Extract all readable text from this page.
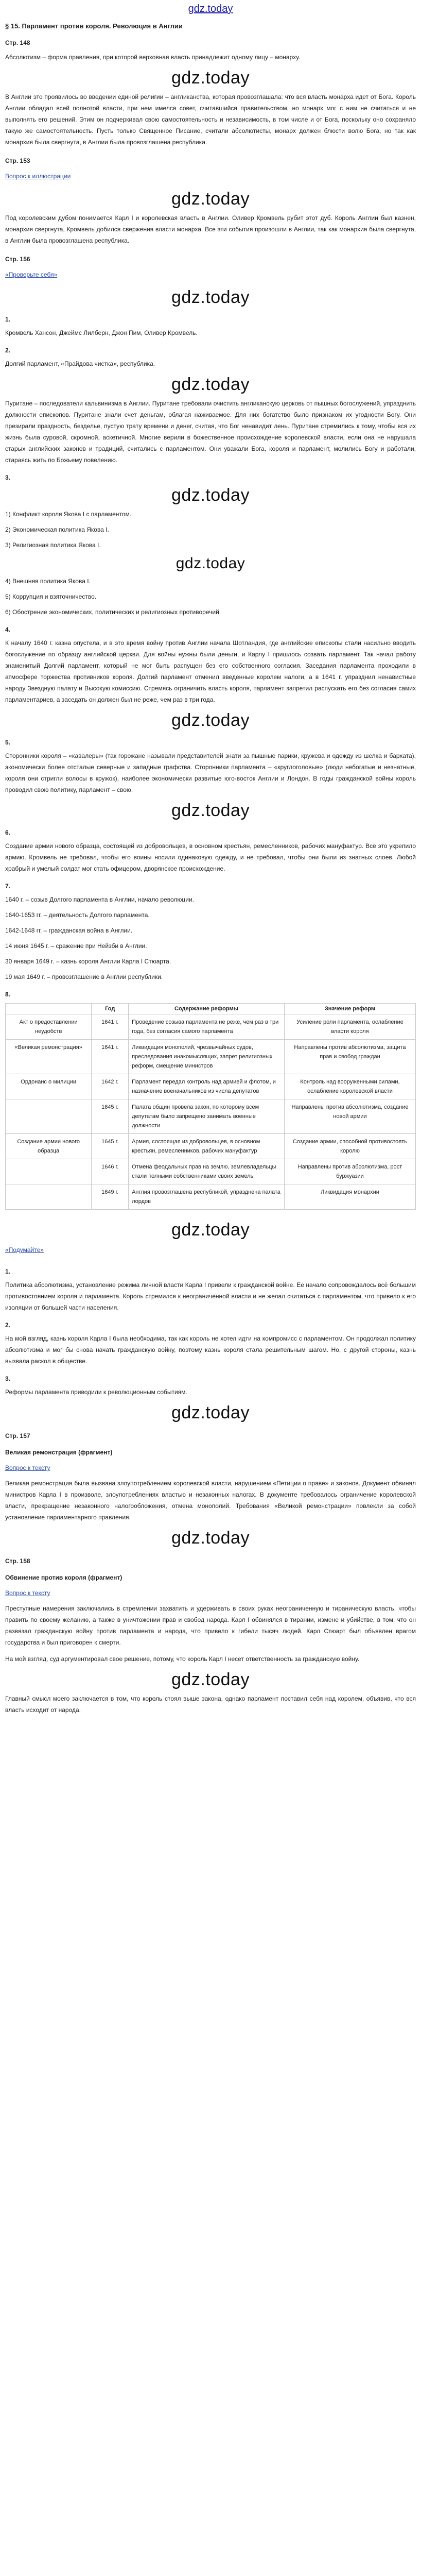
gdz.today
§ 15. Парламент против короля. Революция в Англии
Стр. 148

Абсолютизм – форма правления, при которой верховная власть принадлежит одному лицу – монарху.

gdz.today

В Англии это проявилось во введении единой религии – англиканства, которая провозглашала: что вся власть монарха идет от Бога. Король Англии обладал всей полнотой власти, при нем имелся совет, считавшийся правительством, но монарх мог с ним не считаться и не выполнять его решений. Этим он подчеркивал свою самостоятельность и независимость, в том числе и от Бога, поскольку оно сохраняло такую же самостоятельность. Пусть только Священное Писание, считали абсолютисты, монарх должен блюсти волю Бога, но так как монархия была свергнута, в Англии была провозглашена республика.

Стр. 153
Вопрос к иллюстрации
gdz.today

Под королевским дубом понимается Карл I и королевская власть в Англии. Оливер Кромвель рубит этот дуб. Король Англии был казнен, монархия свергнута, Кромвель добился свержения власти монарха. Все эти события произошли в Англии, так как монархия была свергнута, в Англии была провозглашена республика.

Стр. 156
«Проверьте себя»
gdz.today
1.

Кромвель Хансон, Джеймс Лилберн, Джон Пим, Оливер Кромвель.

2.

Долгий парламент, «Прайдова чистка», республика.

gdz.today

Пуритане – последователи кальвинизма в Англии. Пуритане требовали очистить англиканскую церковь от пышных богослужений, упразднить должности епископов. Пуритане знали счет деньгам, облагая наживаемое. Для них богатство было признаком их угодности Богу. Они презирали праздность, безделье, пустую трату времени и денег, считая, что Бог ненавидит лень. Пуритане стремились к тому, чтобы вся их жизнь была суровой, скромной, аскетичной. Многие верили в божественное происхождение королевской власти, если она не нарушала старых английских законов и традиций, считались с парламентом. Они уважали Бога, короля и парламент, молились Богу и работали, стараясь жить по Божьему повелению.

3.
gdz.today
1) Конфликт короля Якова I с парламентом.
2) Экономическая политика Якова I.
3) Религиозная политика Якова I.
gdz.today
4) Внешняя политика Якова I.
5) Коррупция и взяточничество.
6) Обострение экономических, политических и религиозных противоречий.
4.

К началу 1640 г. казна опустела, и в это время войну против Англии начала Шотландия, где английские епископы стали насильно вводить богослужение по образцу английской церкви. Для войны нужны были деньги, и Карлу I пришлось созвать парламент. Так начал работу знаменитый Долгий парламент, который не мог быть распущен без его собственного согласия. Заседания парламента проходили в атмосфере торжества противников короля. Долгий парламент отменил введенные королем налоги, а в 1641 г. упразднил ненавистные народу Звездную палату и Высокую комиссию. Стремясь ограничить власть короля, парламент запретил распускать его без согласия самих парламентариев, а заседать он должен был не реже, чем раз в три года.

gdz.today
5.

Сторонники короля – «кавалеры» (так горожане называли представителей знати за пышные парики, кружева и одежду из шелка и бархата), экономически более отсталые северные и западные графства. Сторонники парламента – «круглоголовые» (люди небогатые и незнатные, короля они стригли волосы в кружок), наиболее экономически развитые юго-восток Англии и Лондон. В годы гражданской войны король проводил свою политику, парламент – свою.

gdz.today
6.

Создание армии нового образца, состоящей из добровольцев, в основном крестьян, ремесленников, рабочих мануфактур. Всё это укрепило армию. Кромвель не требовал, чтобы его воины носили одинаковую одежду, и не требовал, чтобы они были из знатных слоев. Любой храбрый и умелый солдат мог стать офицером, дворянское происхождение.

7.
1640 г. – созыв Долгого парламента в Англии, начало революции.
1640-1653 гг. – деятельность Долгого парламента.
1642-1648 гг. – гражданская война в Англии.
14 июня 1645 г. – сражение при Нейзби в Англии.
30 января 1649 г. – казнь короля Англии Карла I Стюарта.
19 мая 1649 г. – провозглашение в Англии республики.
8.
	Год	Содержание реформы	Значение реформ
Акт о предоставлении неудобств	1641 г.	Проведение созыва парламента не реже, чем раз в три года, без согласия самого парламента	Усиление роли парламента, ослабление власти короля
«Великая ремонстрация»	1641 г.	Ликвидация монополий, чрезвычайных судов, преследования инакомыслящих, запрет религиозных реформ, смещение министров	Направлены против абсолютизма, защита прав и свобод граждан
Ордонанс о милиции	1642 г.	Парламент передал контроль над армией и флотом, и назначение военачальников из числа депутатов	Контроль над вооруженными силами, ослабление королевской власти
	1645 г.	Палата общин провела закон, по которому всем депутатам было запрещено занимать военные должности	Направлены против абсолютизма, создание новой армии
Создание армии нового образца	1645 г.	Армия, состоящая из добровольцев, в основном крестьян, ремесленников, рабочих мануфактур	Создание армии, способной противостоять королю
	1646 г.	Отмена феодальных прав на землю, землевладельцы стали полными собственниками своих земель	Направлены против абсолютизма, рост буржуазии
	1649 г.	Англия провозглашена республикой, упразднена палата лордов	Ликвидация монархии
gdz.today
«Подумайте»
1.

Политика абсолютизма, установление режима личной власти Карла I привели к гражданской войне. Ее начало сопровождалось всё большим противостоянием короля и парламента. Король стремился к неограниченной власти и не желал считаться с парламентом, что привело к его изоляции от большей части населения.

2.

На мой взгляд, казнь короля Карла I была необходима, так как король не хотел идти на компромисс с парламентом. Он продолжал политику абсолютизма и мог бы снова начать гражданскую войну, поэтому казнь короля стала решительным шагом. Но, с другой стороны, казнь вызвала раскол в обществе.

3.

Реформы парламента приводили к революционным событиям.

gdz.today
Стр. 157
Великая ремонстрация (фрагмент)
Вопрос к тексту

Великая ремонстрация была вызвана злоупотреблением королевской власти, нарушением «Петиции о праве» и законов. Документ обвинял министров Карла I в произволе, злоупотреблениях властью и незаконных налогах. В документе требовалось ограничение королевской власти, прекращение незаконного налогообложения, отмена монополий. Требования «Великой ремонстрации» повлекли за собой установление парламентарного правления.

gdz.today
Стр. 158
Обвинение против короля (фрагмент)
Вопрос к тексту

Преступные намерения заключались в стремлении захватить и удерживать в своих руках неограниченную и тираническую власть, чтобы править по своему желанию, а также в уничтожении прав и свобод народа. Карл I обвинялся в тирании, измене и убийстве, в том, что он развязал гражданскую войну против парламента и народа, что привело к гибели тысяч людей. Карл Стюарт был объявлен врагом государства и был приговорен к смерти.

На мой взгляд, суд аргументировал свое решение, потому, что король Карл I несет ответственность за гражданскую войну.

gdz.today

Главный смысл моего заключается в том, что король стоял выше закона, однако парламент поставил себя над королем, объявив, что вся власть исходит от народа.
